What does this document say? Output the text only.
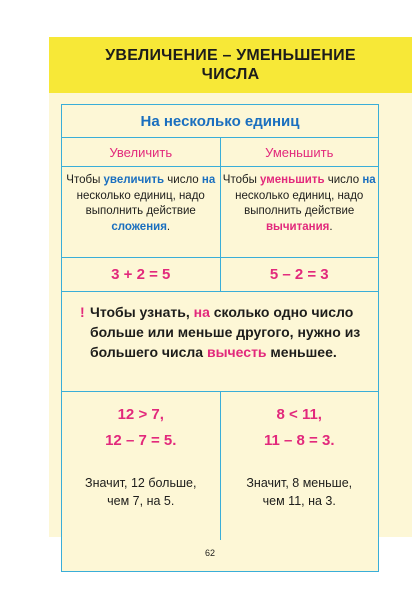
УВЕЛИЧЕНИЕ – УМЕНЬШЕНИЕ
ЧИСЛА
На несколько единиц
Увеличить	Уменьшить
Чтобы увеличить число на несколько единиц, надо выполнить действие сложения.
Чтобы уменьшить число на несколько единиц, надо выполнить действие вычитания.
3 + 2 = 5	5 – 2 = 3
! Чтобы узнать, на сколько одно число больше или меньше другого, нужно из большего числа вычесть меньшее.
12 > 7,
12 – 7 = 5.
Значит, 12 больше,
чем 7, на 5.
8 < 11,
11 – 8 = 3.
Значит, 8 меньше,
чем 11, на 3.
62
